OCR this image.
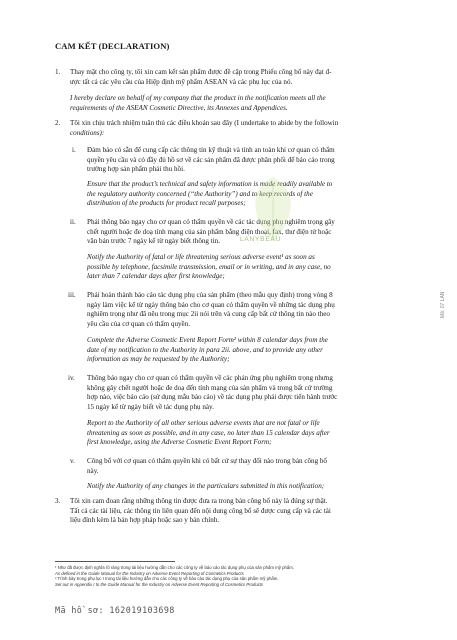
CAM KẾT (DECLARATION)
1. Thay mặt cho công ty, tôi xin cam kết sản phẩm được đề cập trong Phiếu công bố này đạt đ-
ược tất cả các yêu cầu của Hiệp định mỹ phẩm ASEAN và các phụ lục của nó.
I hereby declare on behalf of my company that the product in the notification meets all the
requirements of the ASEAN Cosmetic Directive, its Annexes and Appendices.
2. Tôi xin chịu trách nhiệm tuân thủ các điều khoản sau đây (I undertake to abide by the followin
conditions):
i. Đảm bảo có sẵn để cung cấp các thông tin kỹ thuật và tính an toàn khi cơ quan có thẩm
quyền yêu cầu và có đầy đủ hồ sơ về các sản phẩm đã được phân phối để báo cáo trong
trường hợp sản phẩm phải thu hồi.
Ensure that the product’s technical and safety information is made readily available to
the regulatory authority concerned (“the Authority”) and to keep records of the
distribution of the products for product recall purposes;
ii. Phải thông báo ngay cho cơ quan có thẩm quyền về các tác dụng phụ nghiêm trọng gây
chết người hoặc đe doạ tính mạng của sản phẩm bằng điện thoại, fax, thư điện tử hoặc
văn bản trước 7 ngày kể từ ngày biết thông tin.
Notify the Authority of fatal or life threatening serious adverse event¹ as soon as
possible by telephone, facsimile transmission, email or in writing, and in any case, no
later than 7 calendar days after first knowledge;
iii. Phải hoàn thành báo cáo tác dụng phụ của sản phẩm (theo mẫu quy định) trong vòng 8
ngày làm việc kể từ ngày thông báo cho cơ quan có thẩm quyền về những tác dụng phụ
nghiêm trọng như đã nêu trong mục 2ii nói trên và cung cấp bất cứ thông tin nào theo
yêu cầu của cơ quan có thẩm quyền.
Complete the Adverse Cosmetic Event Report Form² within 8 calendar days from the
date of my notification to the Authority in para 2ii. above, and to provide any other
information as may be requested by the Authority;
iv. Thông báo ngay cho cơ quan có thẩm quyền về các phản ứng phụ nghiêm trọng nhưng
không gây chết người hoặc đe doạ đến tính mạng của sản phẩm và trong bất cứ trường
hợp nào, việc báo cáo (sử dụng mẫu báo cáo) về tác dụng phụ phải được tiến hành trước
15 ngày kể từ ngày biết về tác dụng phụ này.
Report to the Authority of all other serious adverse events that are not fatal or life
threatening as soon as possible, and in any case, no later than 15 calendar days after
first knowledge, using the Adverse Cosmetic Event Report Form;
v. Công bố với cơ quan có thẩm quyền khi có bất cứ sự thay đổi nào trong bản công bố
này.
Notify the Authority of any changes in the particulars submitted in this notification;
3. Tôi xin cam đoan rằng những thông tin được đưa ra trong bản công bố này là đúng sự thật.
Tất cả các tài liệu, các thông tin liên quan đến nội dung công bố sẽ được cung cấp và các tài
liệu đính kèm là bản hợp pháp hoặc sao y bản chính.
¹ Như đã được định nghĩa rõ ràng trong tài liệu hướng dẫn cho các công ty về báo cáo tác dụng phụ của sản phẩm mỹ phẩm.
As defined in the Guide Manual for the Industry on Adverse Event Reporting of Cosmetics Products
² Trình bày trong phụ lục I trong tài liệu hướng dẫn cho các công ty về báo cáo tác dụng phụ của sản phẩm mỹ phẩm.
Set out in Appendix I to the Guide Manual for the Industry on Adverse Event Reporting of Cosmetics Products
Mã hồ sơ: 162019103698
Mã: 07 LAN
LANYBEAU
